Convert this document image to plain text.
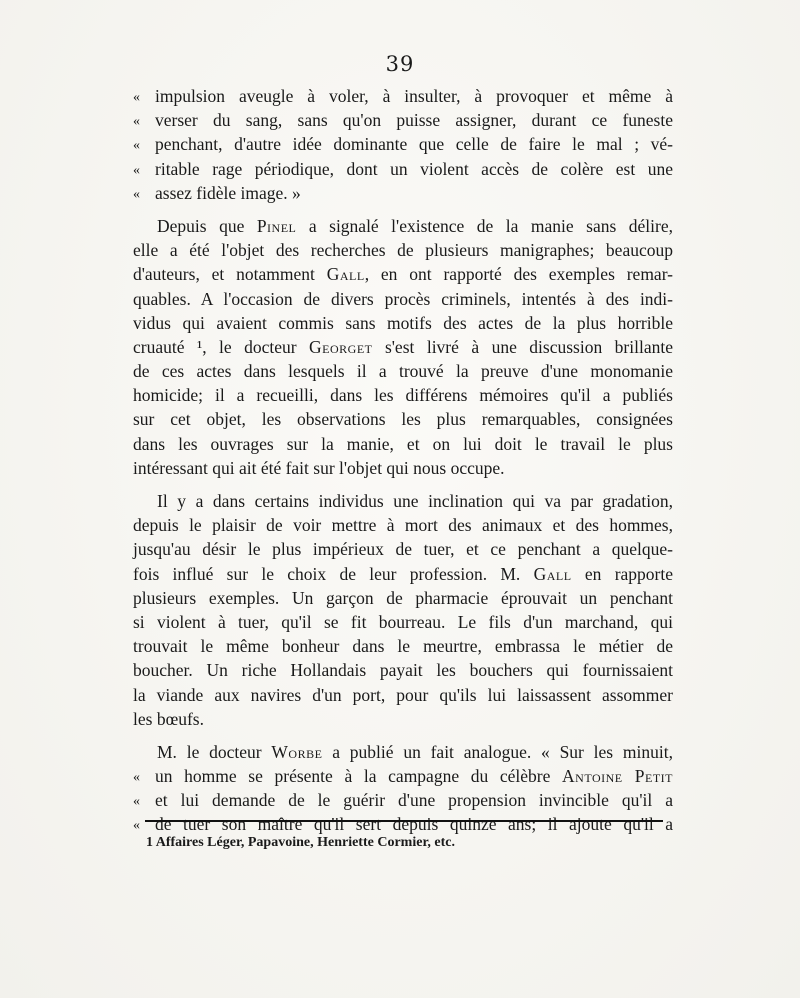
39
« impulsion aveugle à voler, à insulter, à provoquer et même à
« verser du sang, sans qu'on puisse assigner, durant ce funeste
« penchant, d'autre idée dominante que celle de faire le mal ; vé-
« ritable rage périodique, dont un violent accès de colère est une
« assez fidèle image. »
Depuis que Pinel a signalé l'existence de la manie sans délire,
elle a été l'objet des recherches de plusieurs manigraphes; beaucoup
d'auteurs, et notamment Gall, en ont rapporté des exemples remar-
quables. A l'occasion de divers procès criminels, intentés à des indi-
vidus qui avaient commis sans motifs des actes de la plus horrible
cruauté ¹, le docteur Georget s'est livré à une discussion brillante
de ces actes dans lesquels il a trouvé la preuve d'une monomanie
homicide; il a recueilli, dans les différens mémoires qu'il a publiés
sur cet objet, les observations les plus remarquables, consignées
dans les ouvrages sur la manie, et on lui doit le travail le plus
intéressant qui ait été fait sur l'objet qui nous occupe.
Il y a dans certains individus une inclination qui va par gradation,
depuis le plaisir de voir mettre à mort des animaux et des hommes,
jusqu'au désir le plus impérieux de tuer, et ce penchant a quelque-
fois influé sur le choix de leur profession. M. Gall en rapporte
plusieurs exemples. Un garçon de pharmacie éprouvait un penchant
si violent à tuer, qu'il se fit bourreau. Le fils d'un marchand, qui
trouvait le même bonheur dans le meurtre, embrassa le métier de
boucher. Un riche Hollandais payait les bouchers qui fournissaient
la viande aux navires d'un port, pour qu'ils lui laissassent assommer
les bœufs.
M. le docteur Worbe a publié un fait analogue. « Sur les minuit,
« un homme se présente à la campagne du célèbre Antoine Petit
« et lui demande de le guérir d'une propension invincible qu'il a
« de tuer son maître qu'il sert depuis quinze ans; il ajoute qu'il a
1 Affaires Léger, Papavoine, Henriette Cormier, etc.
